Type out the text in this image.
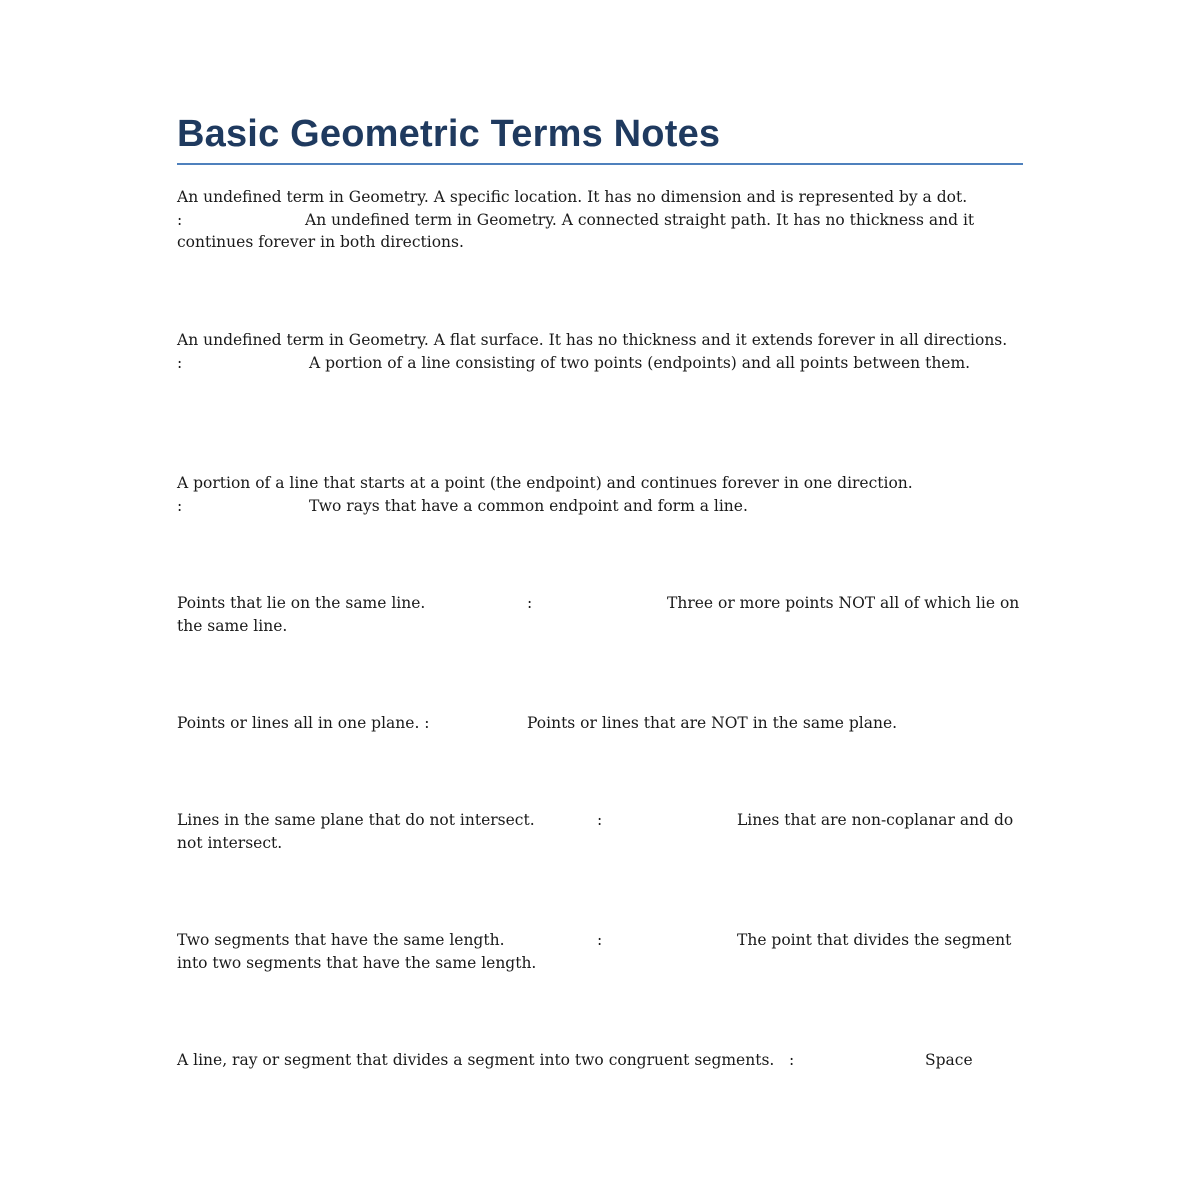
Basic Geometric Terms Notes

An undefined term in Geometry. A specific location. It has no dimension and is represented by a dot.		:		An undefined term in Geometry. A connected straight path. It has no thickness and it continues forever in both directions.

An undefined term in Geometry. A flat surface. It has no thickness and it extends forever in all directions.	:		A portion of a line consisting of two points (endpoints) and all points between them.

A portion of a line that starts at a point (the endpoint) and continues forever in one direction.		:		Two rays that have a common endpoint and form a line.

Points that lie on the same line.		:		Three or more points NOT all of which lie on the same line.

Points or lines all in one plane. :		Points or lines that are NOT in the same plane.

Lines in the same plane that do not intersect.	:		Lines that are non-coplanar and do not intersect.

Two segments that have the same length.		:		The point that divides the segment into two segments that have the same length.

A line, ray or segment that divides a segment into two congruent segments.	:		Space
